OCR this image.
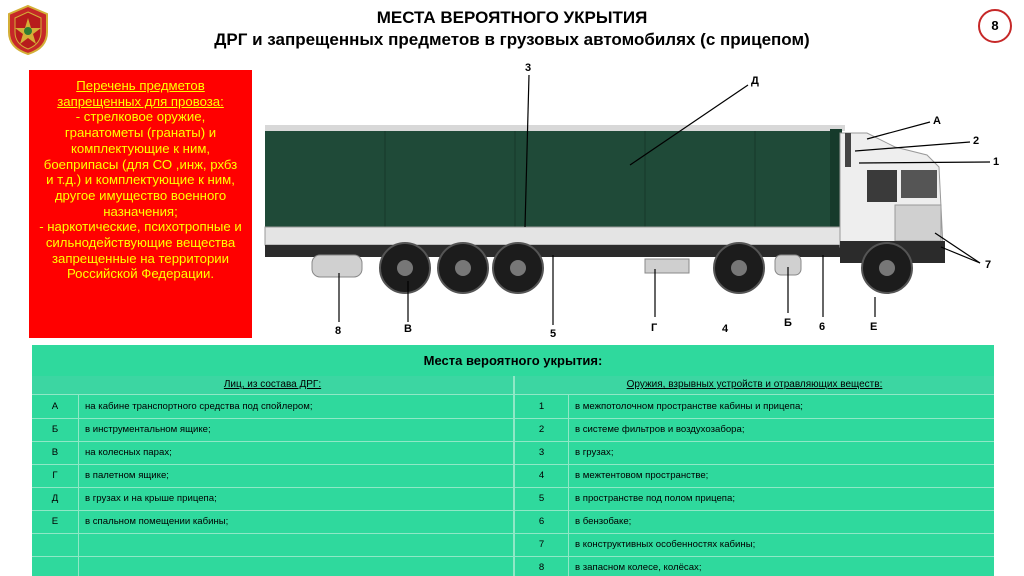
МЕСТА ВЕРОЯТНОГО УКРЫТИЯ
ДРГ и запрещенных предметов в грузовых автомобилях (с прицепом)
8
Перечень предметов запрещенных для провоза:
- стрелковое оружие, гранатометы (гранаты) и комплектующие к ним, боеприпасы (для СО ,инж, рхбз и т.д.) и комплектующие к ним, другое имущество военного назначения;
- наркотические, психотропные и сильнодействующие вещества запрещенные на территории Российской Федерации.
3
Д
А
2
1
7
8	В	5	Г	4	Б 6	Е
Места вероятного укрытия:
Лиц, из состава ДРГ:	Оружия, взрывных устройств и отравляющих веществ:
А	на кабине транспортного средства под спойлером;
Б	в инструментальном ящике;
В	на колесных парах;
Г	в палетном ящике;
Д	в грузах и на крыше прицепа;
Е	в спальном помещении кабины;
1	в межпотолочном пространстве кабины и прицепа;
2	в системе фильтров и воздухозабора;
3	в грузах;
4	в межтентовом пространстве;
5	в пространстве под полом прицепа;
6	в бензобаке;
7	в конструктивных особенностях кабины;
8	в запасном колесе, колёсах;
